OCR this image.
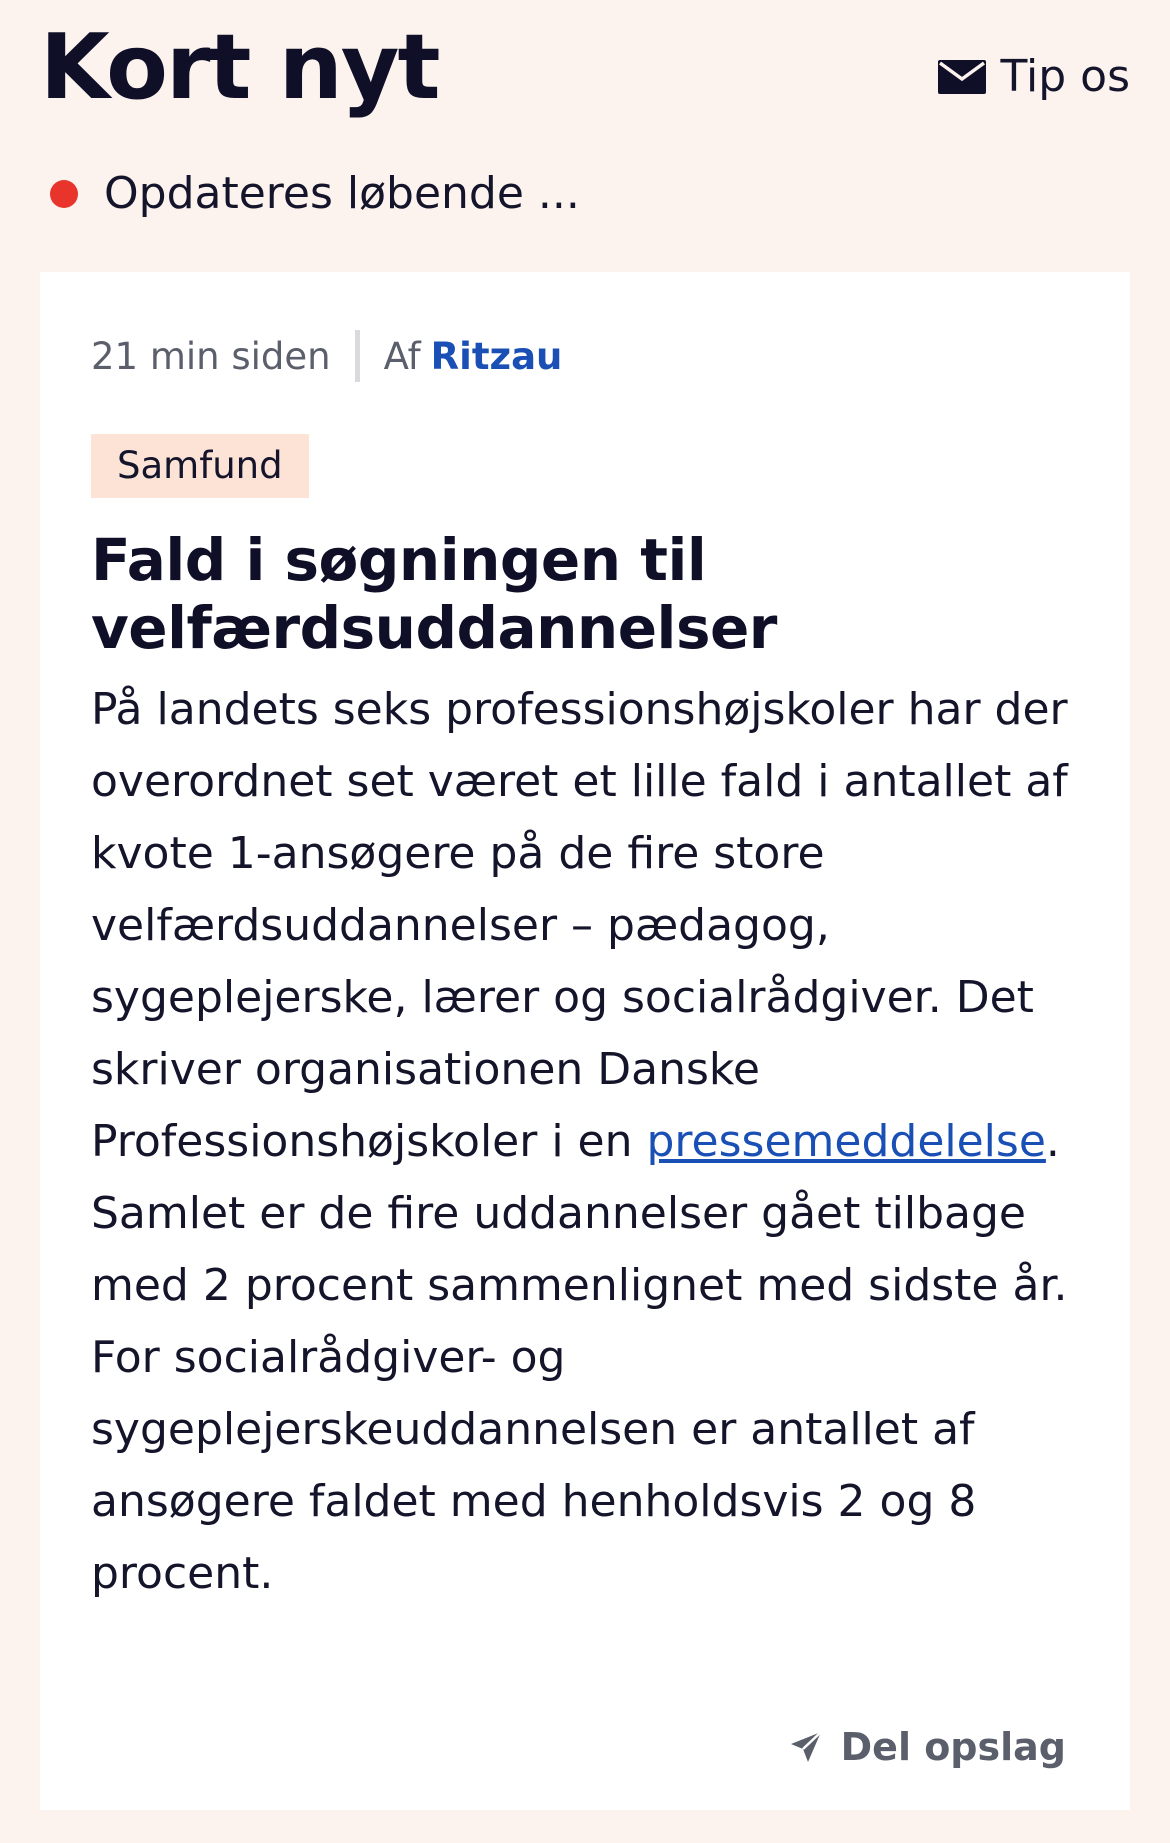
Kort nyt	Tip os
Opdateres løbende ...
21 min siden Af Ritzau
Samfund
Fald i søgningen til velfærdsuddannelser

På landets seks professionshøjskoler har der overordnet set været et lille fald i antallet af kvote 1-ansøgere på de fire store velfærdsuddannelser – pædagog, sygeplejerske, lærer og socialrådgiver. Det skriver organisationen Danske Professionshøjskoler i en pressemeddelelse. Samlet er de fire uddannelser gået tilbage med 2 procent sammenlignet med sidste år. For socialrådgiver- og sygeplejerskeuddannelsen er antallet af ansøgere faldet med henholdsvis 2 og 8 procent.

Del opslag
